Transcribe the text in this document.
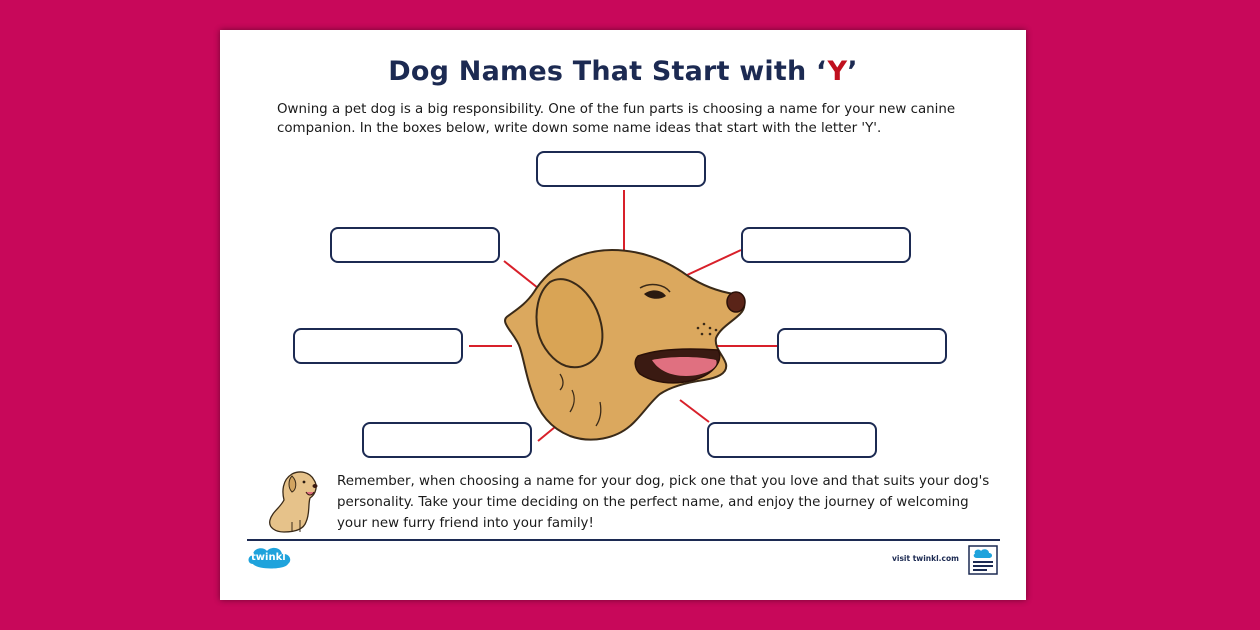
Dog Names That Start with ‘Y’
Owning a pet dog is a big responsibility. One of the fun parts is choosing a name for your new canine companion. In the boxes below, write down some name ideas that start with the letter 'Y'.
Remember, when choosing a name for your dog, pick one that you love and that suits your dog's personality. Take your time deciding on the perfect name, and enjoy the journey of welcoming your new furry friend into your family!
twinkl	visit twinkl.com
